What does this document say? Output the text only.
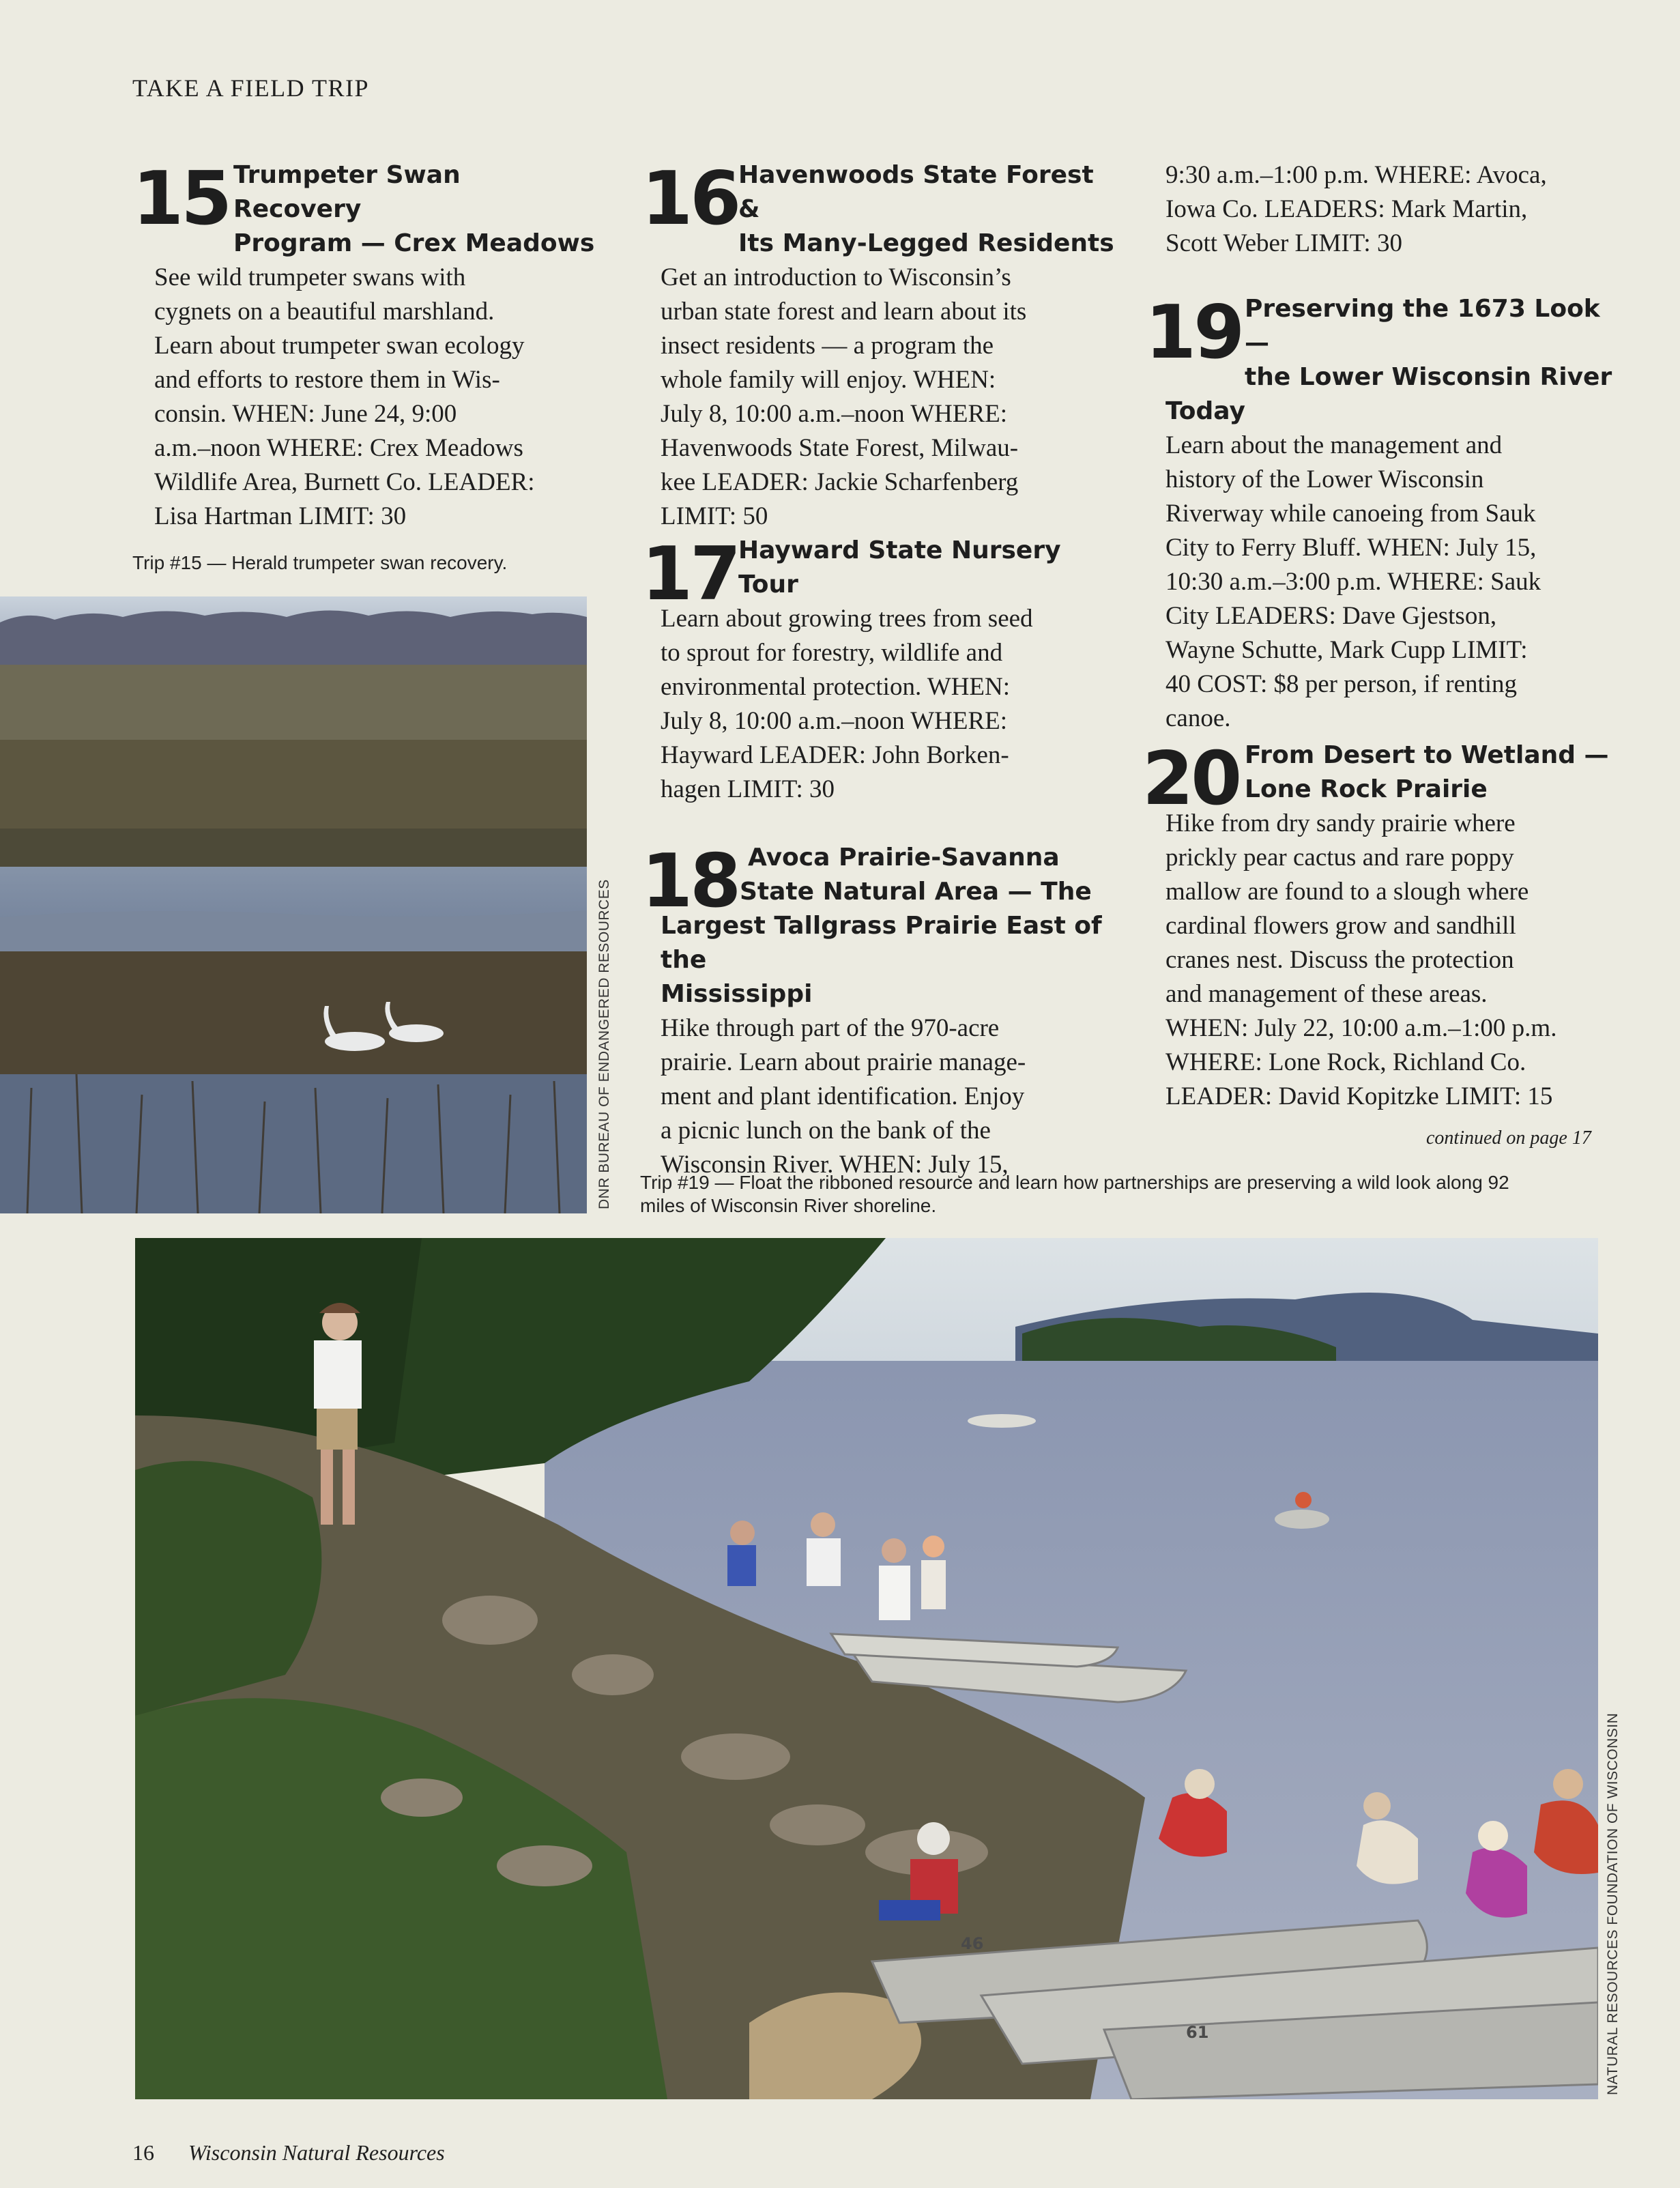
TAKE A FIELD TRIP
15 Trumpeter Swan Recovery
Program — Crex Meadows
See wild trumpeter swans with
cygnets on a beautiful marshland.
Learn about trumpeter swan ecology
and efforts to restore them in Wis-
consin. WHEN: June 24, 9:00
a.m.–noon WHERE: Crex Meadows
Wildlife Area, Burnett Co. LEADER:
Lisa Hartman LIMIT: 30
16 Havenwoods State Forest &
Its Many-Legged Residents
Get an introduction to Wisconsin’s
urban state forest and learn about its
insect residents — a program the
whole family will enjoy. WHEN:
July 8, 10:00 a.m.–noon WHERE:
Havenwoods State Forest, Milwau-
kee LEADER: Jackie Scharfenberg
LIMIT: 50
17 Hayward State Nursery
Tour
Learn about growing trees from seed
to sprout for forestry, wildlife and
environmental protection. WHEN:
July 8, 10:00 a.m.–noon WHERE:
Hayward LEADER: John Borken-
hagen LIMIT: 30
18 Avoca Prairie-Savanna
State Natural Area — The
Largest Tallgrass Prairie East of the
Mississippi
Hike through part of the 970-acre
prairie. Learn about prairie manage-
ment and plant identification. Enjoy
a picnic lunch on the bank of the
Wisconsin River. WHEN: July 15,
9:30 a.m.–1:00 p.m. WHERE: Avoca,
Iowa Co. LEADERS: Mark Martin,
Scott Weber LIMIT: 30
19 Preserving the 1673 Look —
the Lower Wisconsin River
Today
Learn about the management and
history of the Lower Wisconsin
Riverway while canoeing from Sauk
City to Ferry Bluff. WHEN: July 15,
10:30 a.m.–3:00 p.m. WHERE: Sauk
City LEADERS: Dave Gjestson,
Wayne Schutte, Mark Cupp LIMIT:
40 COST: $8 per person, if renting
canoe.
20 From Desert to Wetland —
Lone Rock Prairie
Hike from dry sandy prairie where
prickly pear cactus and rare poppy
mallow are found to a slough where
cardinal flowers grow and sandhill
cranes nest. Discuss the protection
and management of these areas.
WHEN: July 22, 10:00 a.m.–1:00 p.m.
WHERE: Lone Rock, Richland Co.
LEADER: David Kopitzke LIMIT: 15
continued on page 17
Trip #15 — Herald trumpeter swan recovery.
DNR BUREAU OF ENDANGERED RESOURCES Trip #19 — Float the ribboned resource and learn how partnerships are preserving a wild look along 92
miles of Wisconsin River shoreline.
46
61	NATURAL RESOURCES FOUNDATION OF WISCONSIN
16 Wisconsin Natural Resources
